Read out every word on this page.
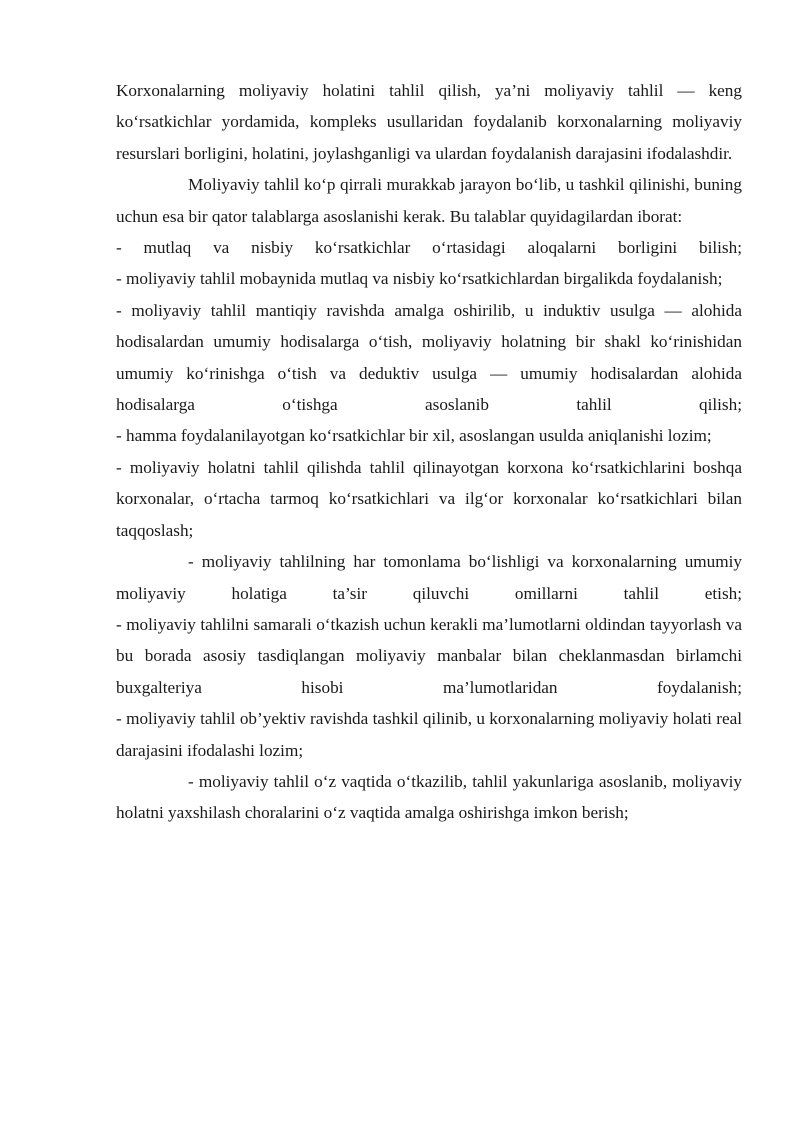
Korxonalarning moliyaviy holatini tahlil qilish, ya’ni moliyaviy tahlil — keng ko‘rsatkichlar yordamida, kompleks usullaridan foydalanib korxonalarning moliyaviy resurslari borligini, holatini, joylashganligi va ulardan foydalanish darajasini ifodalashdir.

Moliyaviy tahlil ko‘p qirrali murakkab jarayon bo‘lib, u tashkil qilinishi, buning uchun esa bir qator talablarga asoslanishi kerak. Bu talablar quyidagilardan iborat:

- mutlaq va nisbiy ko‘rsatkichlar o‘rtasidagi aloqalarni borligini bilish;

- moliyaviy tahlil mobaynida mutlaq va nisbiy ko‘rsatkichlardan birgalikda foydalanish;

- moliyaviy tahlil mantiqiy ravishda amalga oshirilib, u induktiv usulga — alohida hodisalardan umumiy hodisalarga o‘tish, moliyaviy holatning bir shakl ko‘rinishidan umumiy ko‘rinishga o‘tish va deduktiv usulga — umumiy hodisalardan alohida hodisalarga o‘tishga asoslanib tahlil qilish;

- hamma foydalanilayotgan ko‘rsatkichlar bir xil, asoslangan usulda aniqlanishi lozim;

- moliyaviy holatni tahlil qilishda tahlil qilinayotgan korxona ko‘rsatkichlarini boshqa korxonalar, o‘rtacha tarmoq ko‘rsatkichlari va ilg‘or korxonalar ko‘rsatkichlari bilan taqqoslash;

- moliyaviy tahlilning har tomonlama bo‘lishligi va korxonalarning umumiy moliyaviy holatiga ta’sir qiluvchi omillarni tahlil etish;

- moliyaviy tahlilni samarali o‘tkazish uchun kerakli ma’lumotlarni oldindan tayyorlash va bu borada asosiy tasdiqlangan moliyaviy manbalar bilan cheklanmasdan birlamchi buxgalteriya hisobi ma’lumotlaridan foydalanish;

- moliyaviy tahlil ob’yektiv ravishda tashkil qilinib, u korxonalarning moliyaviy holati real darajasini ifodalashi lozim;

- moliyaviy tahlil o‘z vaqtida o‘tkazilib, tahlil yakunlariga asoslanib, moliyaviy holatni yaxshilash choralarini o‘z vaqtida amalga oshirishga imkon berish;
